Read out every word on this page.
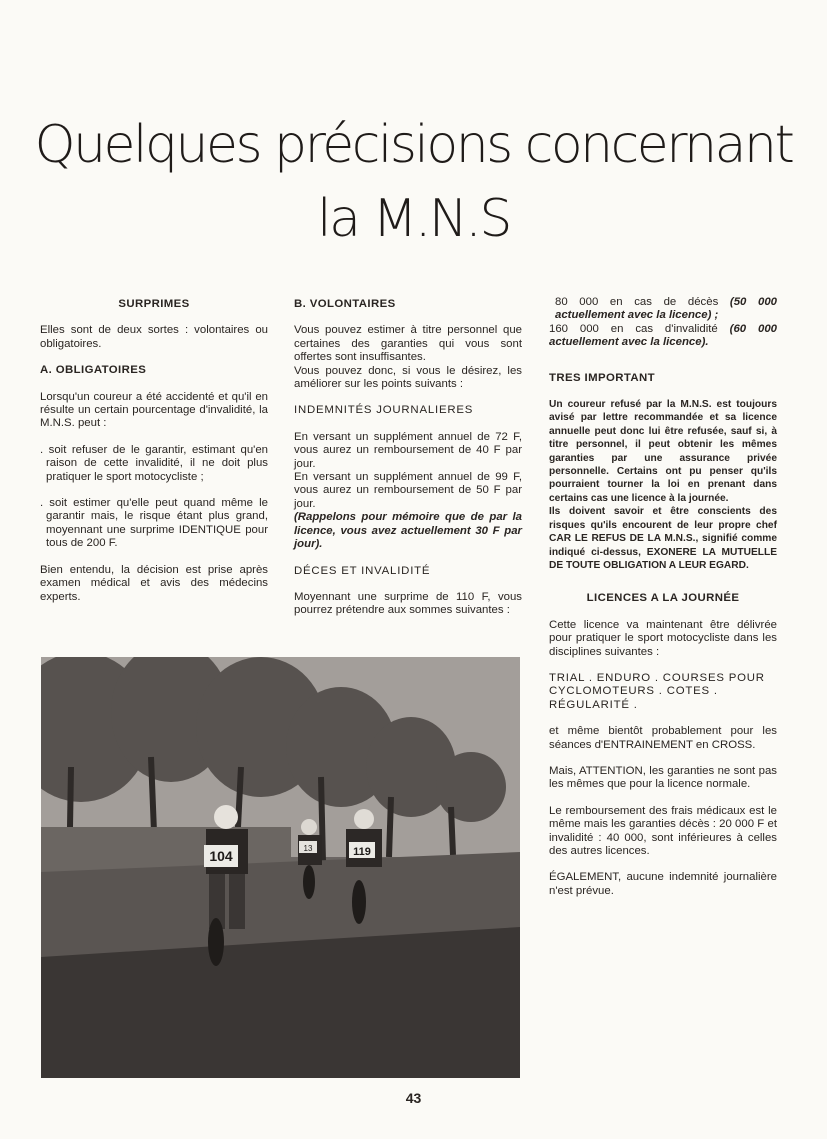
Quelques précisions concernant
la M.N.S
SURPRIMES

Elles sont de deux sortes : volontaires ou obligatoires.

A. OBLIGATOIRES

Lorsqu'un coureur a été accidenté et qu'il en résulte un certain pourcentage d'invalidité, la M.N.S. peut :

. soit refuser de le garantir, estimant qu'en raison de cette invalidité, il ne doit plus pratiquer le sport motocycliste ;

. soit estimer qu'elle peut quand même le garantir mais, le risque étant plus grand, moyennant une surprime IDENTIQUE pour tous de 200 F.

Bien entendu, la décision est prise après examen médical et avis des médecins experts.

B. VOLONTAIRES

Vous pouvez estimer à titre personnel que certaines des garanties qui vous sont offertes sont insuffisantes.

Vous pouvez donc, si vous le désirez, les améliorer sur les points suivants :

INDEMNITÉS JOURNALIERES

En versant un supplément annuel de 72 F, vous aurez un remboursement de 40 F par jour.

En versant un supplément annuel de 99 F, vous aurez un remboursement de 50 F par jour.

(Rappelons pour mémoire que de par la licence, vous avez actuellement 30 F par jour).

DÉCES ET INVALIDITÉ

Moyennant une surprime de 110 F, vous pourrez prétendre aux sommes suivantes :

80 000 en cas de décès (50 000 actuellement avec la licence) ;

160 000 en cas d'invalidité (60 000 actuellement avec la licence).

TRES IMPORTANT

Un coureur refusé par la M.N.S. est toujours avisé par lettre recommandée et sa licence annuelle peut donc lui être refusée, sauf si, à titre personnel, il peut obtenir les mêmes garanties par une assurance privée personnelle. Certains ont pu penser qu'ils pourraient tourner la loi en prenant dans certains cas une licence à la journée.

Ils doivent savoir et être conscients des risques qu'ils encourent de leur propre chef CAR LE REFUS DE LA M.N.S., signifié comme indiqué ci-dessus, EXONERE LA MUTUELLE DE TOUTE OBLIGATION A LEUR EGARD.

LICENCES A LA JOURNÉE

Cette licence va maintenant être délivrée pour pratiquer le sport motocycliste dans les disciplines suivantes :

TRIAL . ENDURO . COURSES POUR CYCLOMOTEURS . COTES . RÉGULARITÉ .

et même bientôt probablement pour les séances d'ENTRAINEMENT en CROSS.

Mais, ATTENTION, les garanties ne sont pas les mêmes que pour la licence normale.

Le remboursement des frais médicaux est le même mais les garanties décès : 20 000 F et invalidité : 40 000, sont inférieures à celles des autres licences.

ÉGALEMENT, aucune indemnité journalière n'est prévue.

104	13	119
43
